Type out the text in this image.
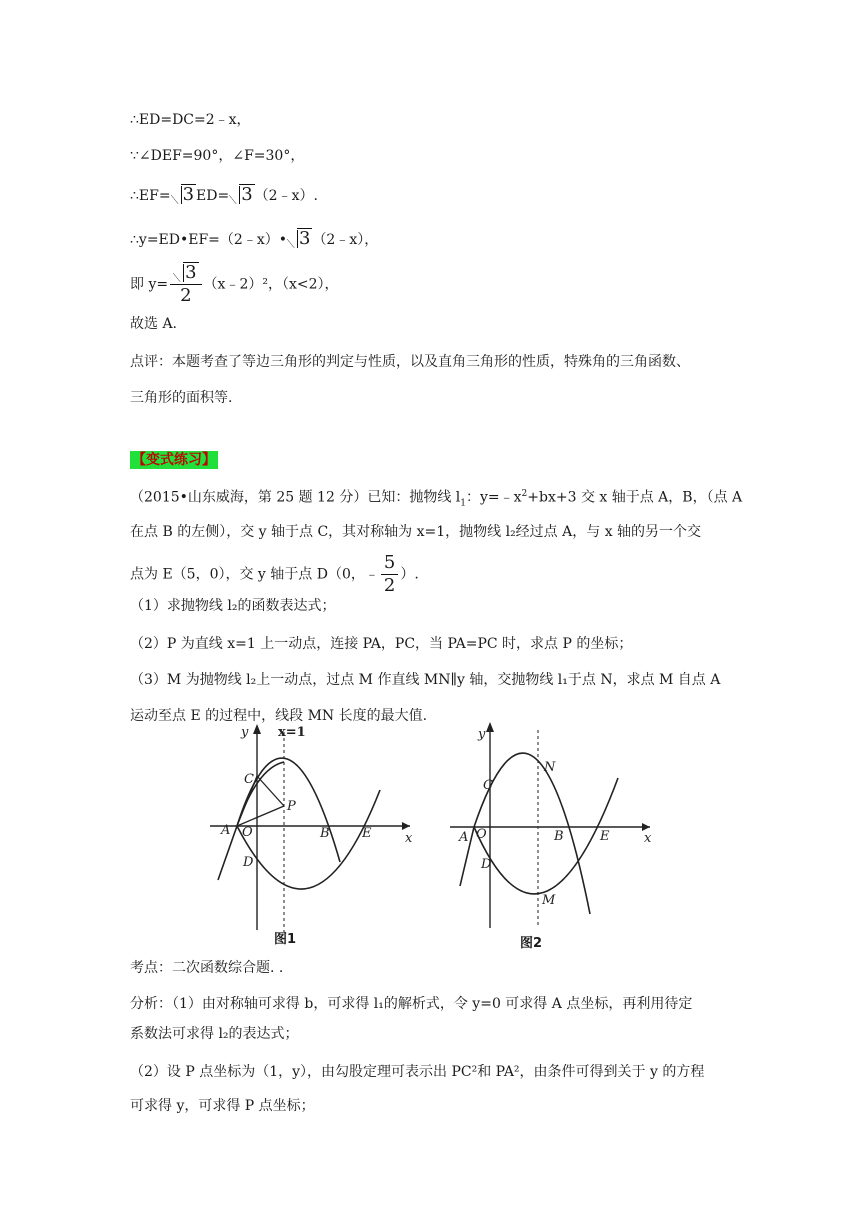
∴ED=DC=2﹣x，
∵∠DEF=90°，∠F=30°，
∴EF= 3 ED= 3 （2﹣x）.
∴y=ED•EF=（2﹣x）• 3 （2﹣x），
即 $y= \frac{3}{2}$ （x﹣2）²，（x<2），
故选 A.
点评：本题考查了等边三角形的判定与性质，以及直角三角形的性质，特殊角的三角函数、
三角形的面积等.
【变式练习】
（2015•山东威海，第 25 题 12 分）已知：抛物线 $l_1$：$y=﹣x^2+bx+3$ 交 x 轴于点 A，B，（点 A
在点 B 的左侧），交 y 轴于点 C，其对称轴为 x=1，抛物线 l₂经过点 A，与 x 轴的另一个交
点为 E（5，0），交 y 轴于点 D（0，﹣ $\frac{5}{2}$ ）.
（1）求抛物线 l₂的函数表达式；
（2）P 为直线 x=1 上一动点，连接 PA，PC，当 PA=PC 时，求点 P 的坐标；
（3）M 为抛物线 l₂上一动点，过点 M 作直线 MN∥y 轴，交抛物线 l₁于点 N，求点 M 自点 A
运动至点 E 的过程中，线段 MN 长度的最大值.
y x=1
x
A O	B E
C
D
P
图1
y
x
A O	B	E
C
D
N
M
图2
考点：二次函数综合题. .
分析：（1）由对称轴可求得 b，可求得 l₁的解析式，令 y=0 可求得 A 点坐标，再利用待定
系数法可求得 l₂的表达式；
（2）设 P 点坐标为（1，y），由勾股定理可表示出 PC²和 PA²，由条件可得到关于 y 的方程
可求得 y，可求得 P 点坐标；
